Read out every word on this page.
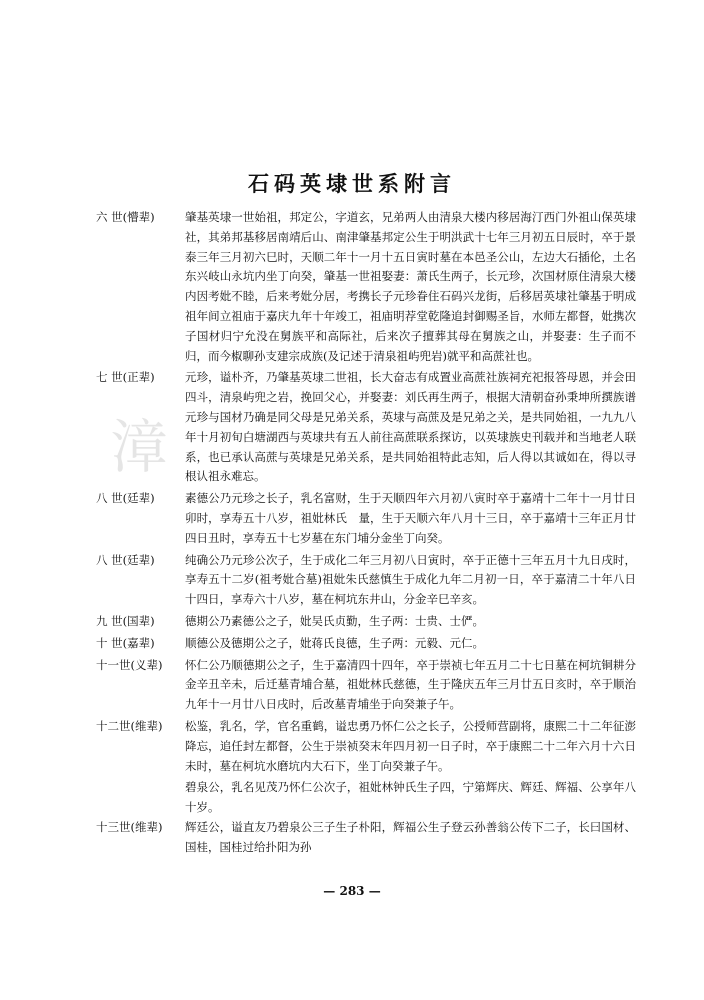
漳
石码英埭世系附言
六 世(懵辈)	肇基英埭一世始祖，邦定公，字道玄，兄弟两人由清泉大楼内移居海汀西门外祖山保英埭社，其弟邦基移居南靖后山、南津肇基邦定公生于明洪武十七年三月初五日辰时，卒于景泰三年三月初六巳时，天顺二年十一月十五日寅时墓在本邑圣公山，左边大石插伦，土名东兴岐山永坑内坐丁向癸，肇基一世祖娶妻：萧氏生两子，长元珍，次国材原住清泉大楼内因考妣不睦，后来考妣分居，考携长子元珍眷住石码兴龙街，后移居英埭社肇基于明成祖年间立祖庙于嘉庆九年十年竣工，祖庙明荐堂乾隆追封御赐圣旨，水师左都督，妣携次子国材归宁允没在舅族平和高际社，后来次子擅葬其母在舅族之山，并娶妻：生子而不归，而今椒聊孙支建宗成族(及记述于清泉祖屿兜岩)就平和高蔗社也。
七 世(正辈)	元珍，谥朴齐，乃肇基英埭二世祖，长大奋志有成置业高蔗社族祠充祀报答母恩，并会田四斗，清泉屿兜之岩，挽回父心，并娶妻：刘氏再生两子，根据大清朝奋孙秉坤所撰族谱元珍与国材乃确是同父母是兄弟关系，英埭与高蔗及是兄弟之关，是共同始祖，一九九八年十月初旬白塘湖西与英埭共有五人前往高蔗联系探访，以英埭族史刊载并和当地老人联系，也已承认高蔗与英埭是兄弟关系，是共同始祖特此志知，后人得以其诚如在，得以寻根认祖永难忘。
八 世(廷辈)	素德公乃元珍之长子，乳名富财，生于天顺四年六月初八寅时卒于嘉靖十二年十一月廿日卯时，享寿五十八岁，祖妣林氏　量，生于天顺六年八月十三日，卒于嘉靖十三年正月廿四日丑时，享寿五十七岁墓在东门埔分金坐丁向癸。
八 世(廷辈)	纯确公乃元珍公次子，生于成化二年三月初八日寅时，卒于正德十三年五月十九日戌时，享寿五十二岁(祖考妣合墓)祖妣朱氏慈慎生于成化九年二月初一日，卒于嘉清二十年八日十四日，享寿六十八岁，墓在柯坑东井山，分金辛巳辛亥。
九 世(国辈)	德期公乃素德公之子，妣吴氏贞勤，生子两：士贵、士俨。
十 世(嘉辈)	顺德公及德期公之子，妣蒋氏良德，生子两：元毅、元仁。
十一世(义辈)	怀仁公乃顺德期公之子，生于嘉清四十四年，卒于崇祯七年五月二十七日墓在柯坑铜耕分金辛丑辛未，后迁墓青埔合墓，祖妣林氏慈德，生于隆庆五年三月廿五日亥时，卒于顺治九年十一月廿八日戌时，后改墓青埔坐于向癸兼子午。
十二世(维辈)	松鉴，乳名，学，官名重鹤，谥忠勇乃怀仁公之长子，公授师营副将，康熙二十二年征澎降忘，追任封左都督，公生于崇祯癸末年四月初一日子时，卒于康熙二十二年六月十六日未时，墓在柯坑水磨坑内大石下，坐丁向癸兼子午。
碧泉公，乳名见茂乃怀仁公次子，祖妣林钟氏生子四，宁第辉庆、辉廷、辉福、公享年八十岁。
十三世(维辈)	辉廷公，谥直友乃碧泉公三子生子朴阳，辉福公生子登云孙善翁公传下二子，长曰国材、国桂，国桂过给扑阳为孙
— 283 —
